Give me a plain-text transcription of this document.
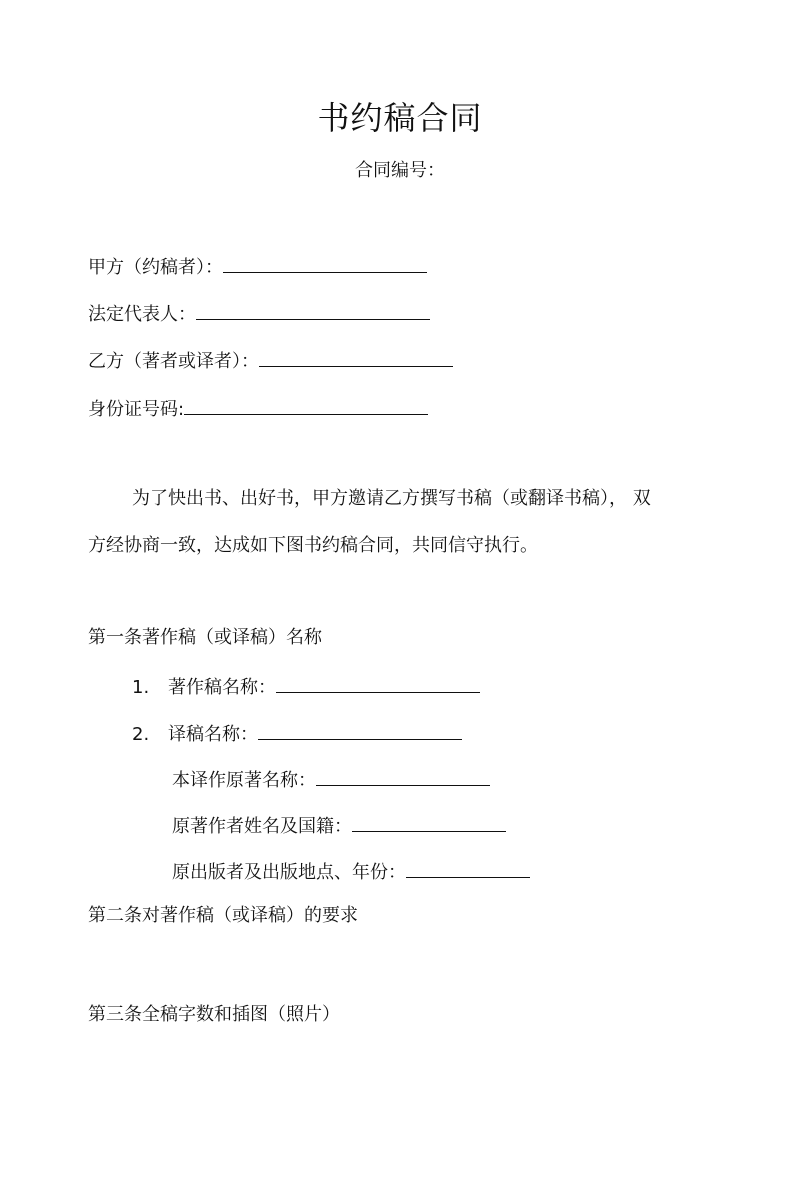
书约稿合同
合同编号：
甲方（约稿者）：
法定代表人：
乙方（著者或译者）：
身份证号码:
为了快出书、出好书，甲方邀请乙方撰写书稿（或翻译书稿）， 双
方经协商一致，达成如下图书约稿合同，共同信守执行。
第一条著作稿（或译稿）名称
1. 著作稿名称：
2. 译稿名称：
本译作原著名称：
原著作者姓名及国籍：
原出版者及出版地点、年份：
第二条对著作稿（或译稿）的要求
第三条全稿字数和插图（照片）
